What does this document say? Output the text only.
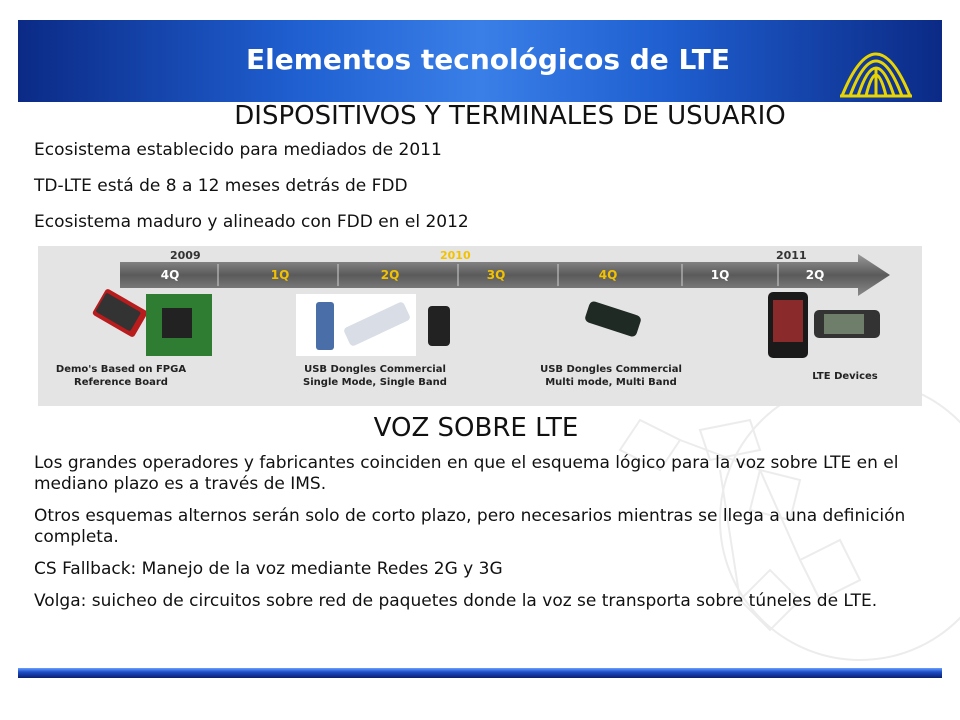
Elementos tecnológicos de LTE
DISPOSITIVOS Y TERMINALES DE USUARIO
Ecosistema establecido para mediados de 2011
TD-LTE está de 8 a 12 meses detrás de FDD
Ecosistema maduro y alineado con FDD en el 2012
2009	2010	2011
4Q	1Q	2Q	3Q	4Q	1Q	2Q
Demo's Based on FPGA
Reference Board
USB Dongles Commercial
Single Mode, Single Band
USB Dongles Commercial
Multi mode, Multi Band
LTE Devices
VOZ SOBRE LTE
Los grandes operadores y fabricantes coinciden en que el esquema lógico para la voz sobre LTE en el mediano plazo es a través de IMS.
Otros esquemas alternos serán solo de corto plazo, pero necesarios mientras se llega a una definición completa.
CS Fallback: Manejo de la voz mediante Redes 2G y 3G
Volga: suicheo de circuitos sobre red de paquetes donde la voz se transporta sobre túneles de LTE.
